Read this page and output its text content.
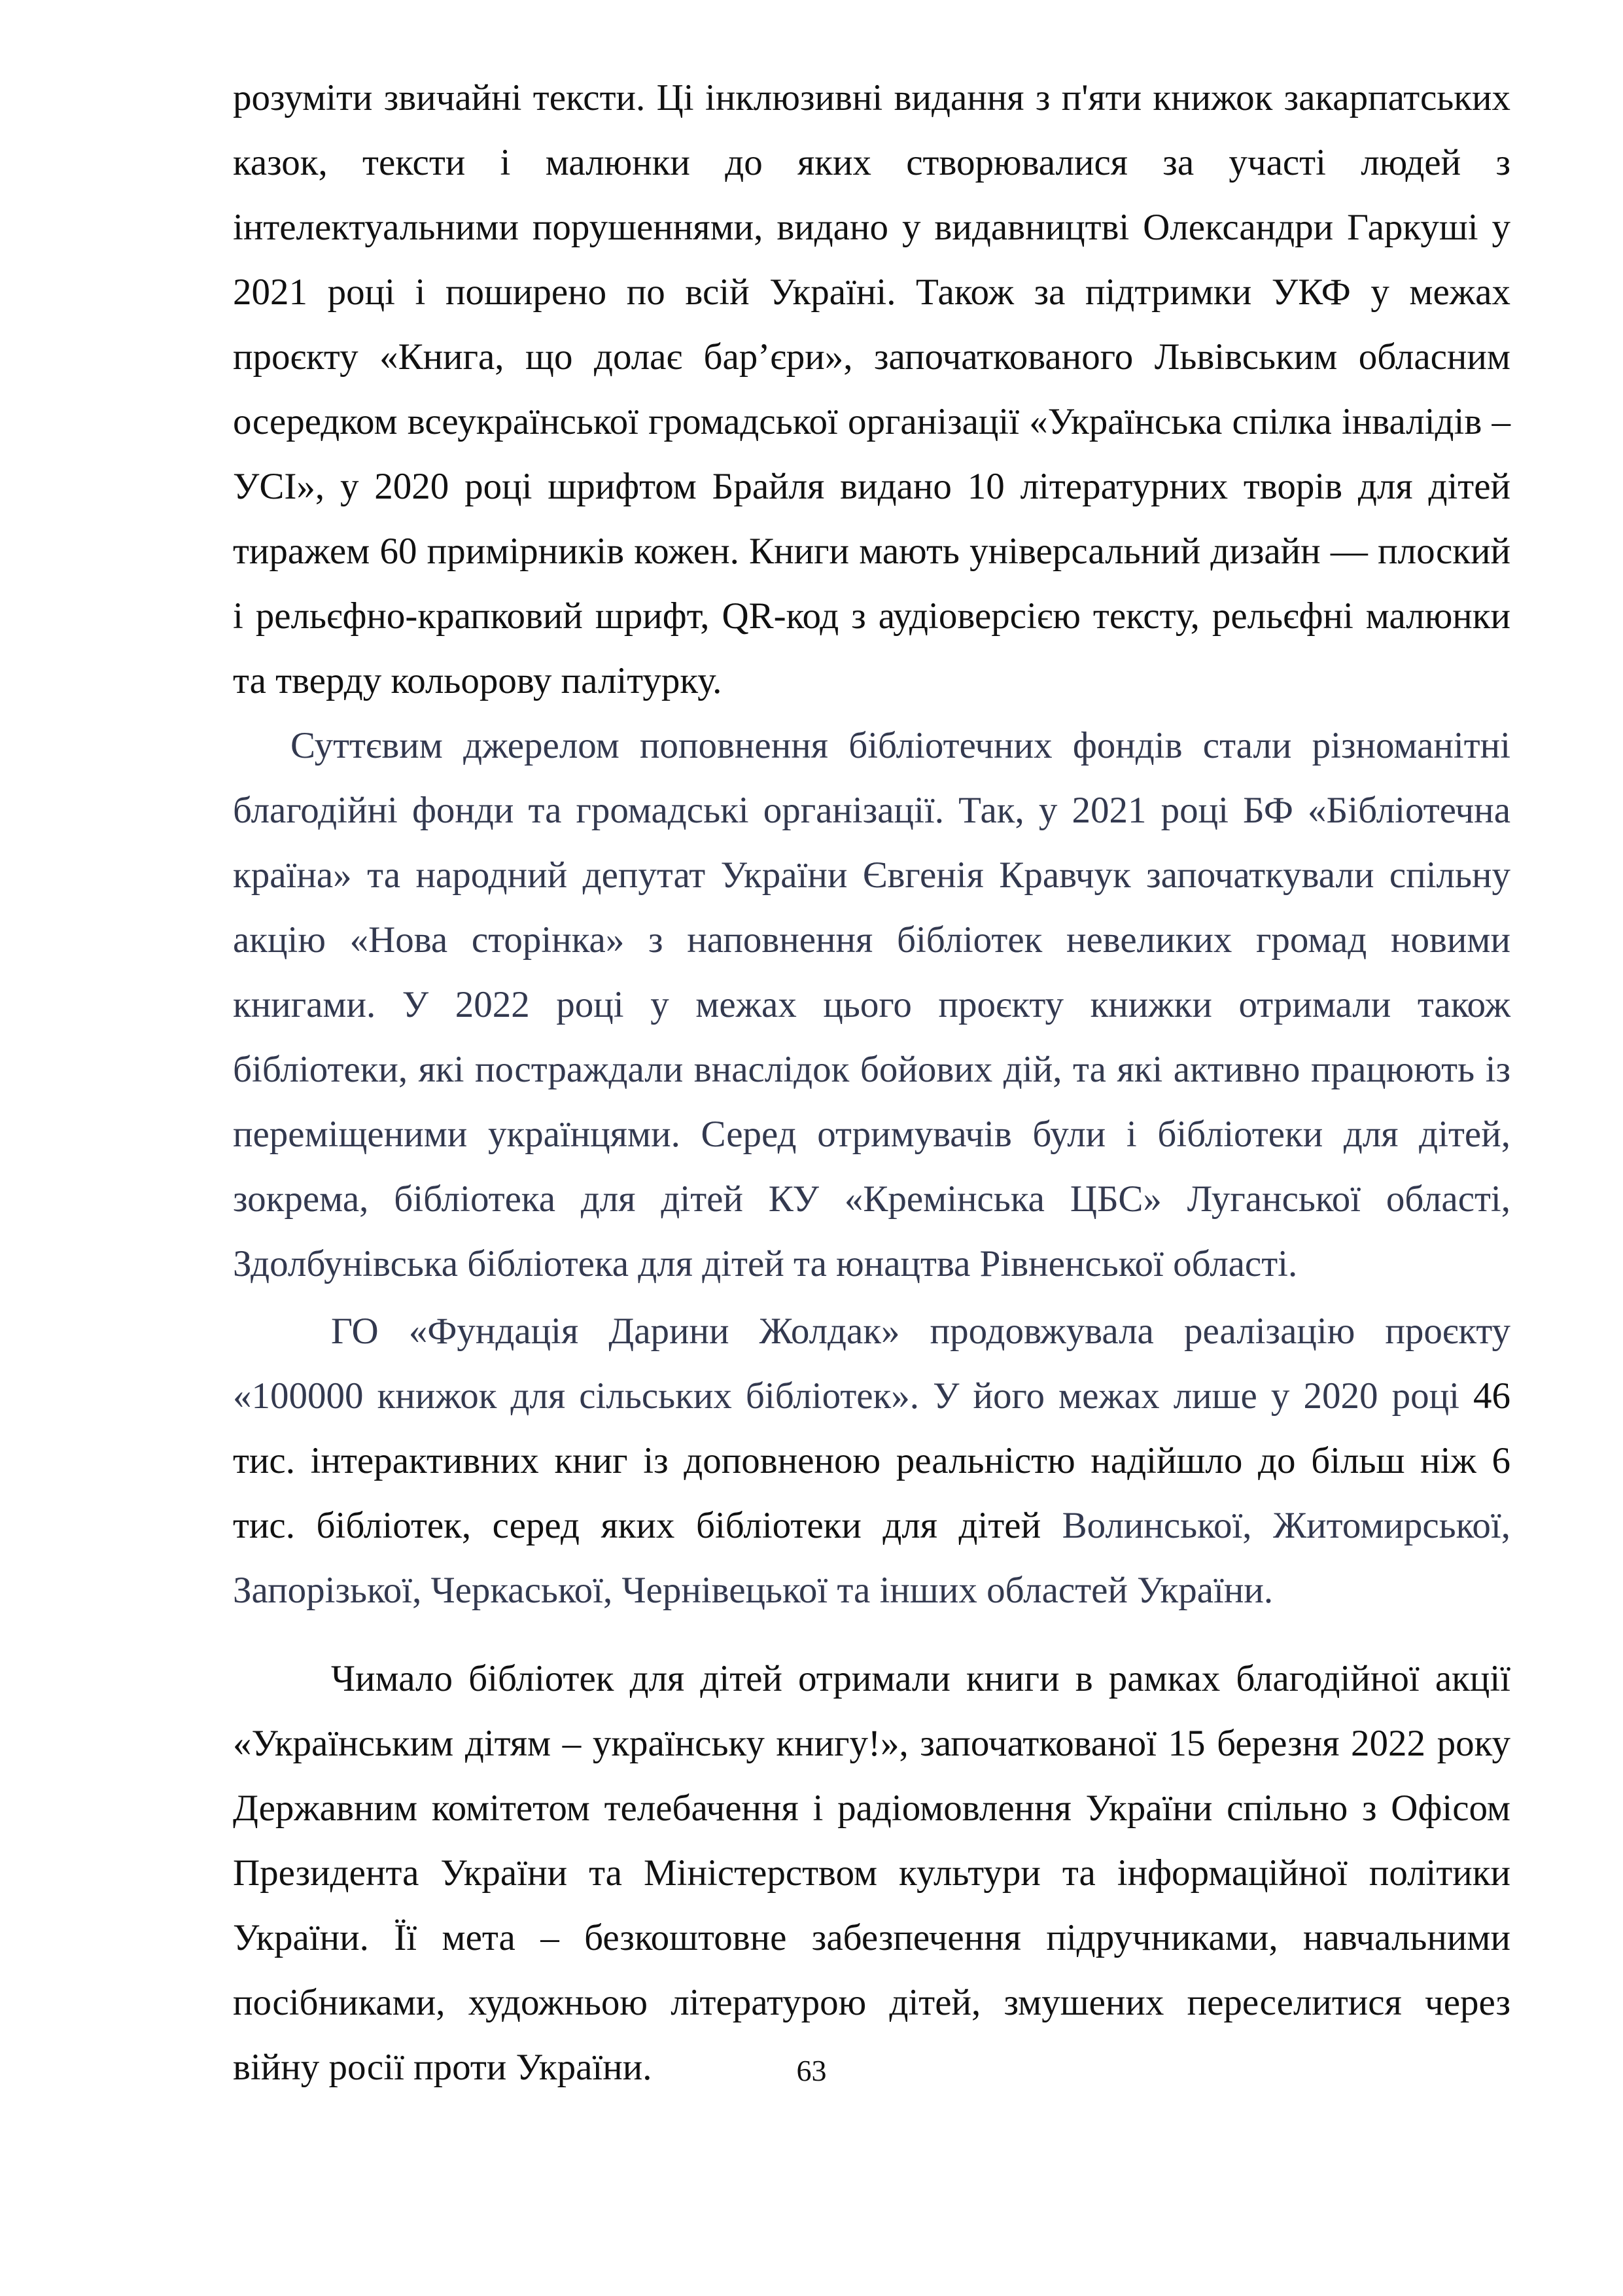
розуміти звичайні тексти. Ці інклюзивні видання з п'яти книжок закарпатських казок, тексти і малюнки до яких створювалися за участі людей з інтелектуальними порушеннями, видано у видавництві Олександри Гаркуші у 2021 році і поширено по всій Україні. Також за підтримки УКФ у межах проєкту «Книга, що долає бар’єри», започаткованого Львівським обласним осередком всеукраїнської громадської організації «Українська спілка інвалідів – УСІ», у 2020 році шрифтом Брайля видано 10 літературних творів для дітей тиражем 60 примірників кожен. Книги мають універсальний дизайн — плоский і рельєфно-крапковий шрифт, QR-код з аудіоверсією тексту, рельєфні малюнки та тверду кольорову палітурку.

Суттєвим джерелом поповнення бібліотечних фондів стали різноманітні благодійні фонди та громадські організації. Так, у 2021 році БФ «Бібліотечна країна» та народний депутат України Євгенія Кравчук започаткували спільну акцію «Нова сторінка» з наповнення бібліотек невеликих громад новими книгами. У 2022 році у межах цього проєкту книжки отримали також бібліотеки, які постраждали внаслідок бойових дій, та які активно працюють із переміщеними українцями. Серед отримувачів були і бібліотеки для дітей, зокрема, бібліотека для дітей КУ «Кремінська ЦБС» Луганської області, Здолбунівська бібліотека для дітей та юнацтва Рівненської області.

ГО «Фундація Дарини Жолдак» продовжувала реалізацію проєкту «100000 книжок для сільських бібліотек». У його межах лише у 2020 році 46 тис. інтерактивних книг із доповненою реальністю надійшло до більш ніж 6 тис. бібліотек, серед яких бібліотеки для дітей Волинської, Житомирської, Запорізької, Черкаської, Чернівецької та інших областей України.

Чимало бібліотек для дітей отримали книги в рамках благодійної акції «Українським дітям – українську книгу!», започаткованої 15 березня 2022 року Державним комітетом телебачення і радіомовлення України спільно з Офісом Президента України та Міністерством культури та інформаційної політики України. Її мета – безкоштовне забезпечення підручниками, навчальними посібниками, художньою літературою дітей, змушених переселитися через війну росії проти України.	63
